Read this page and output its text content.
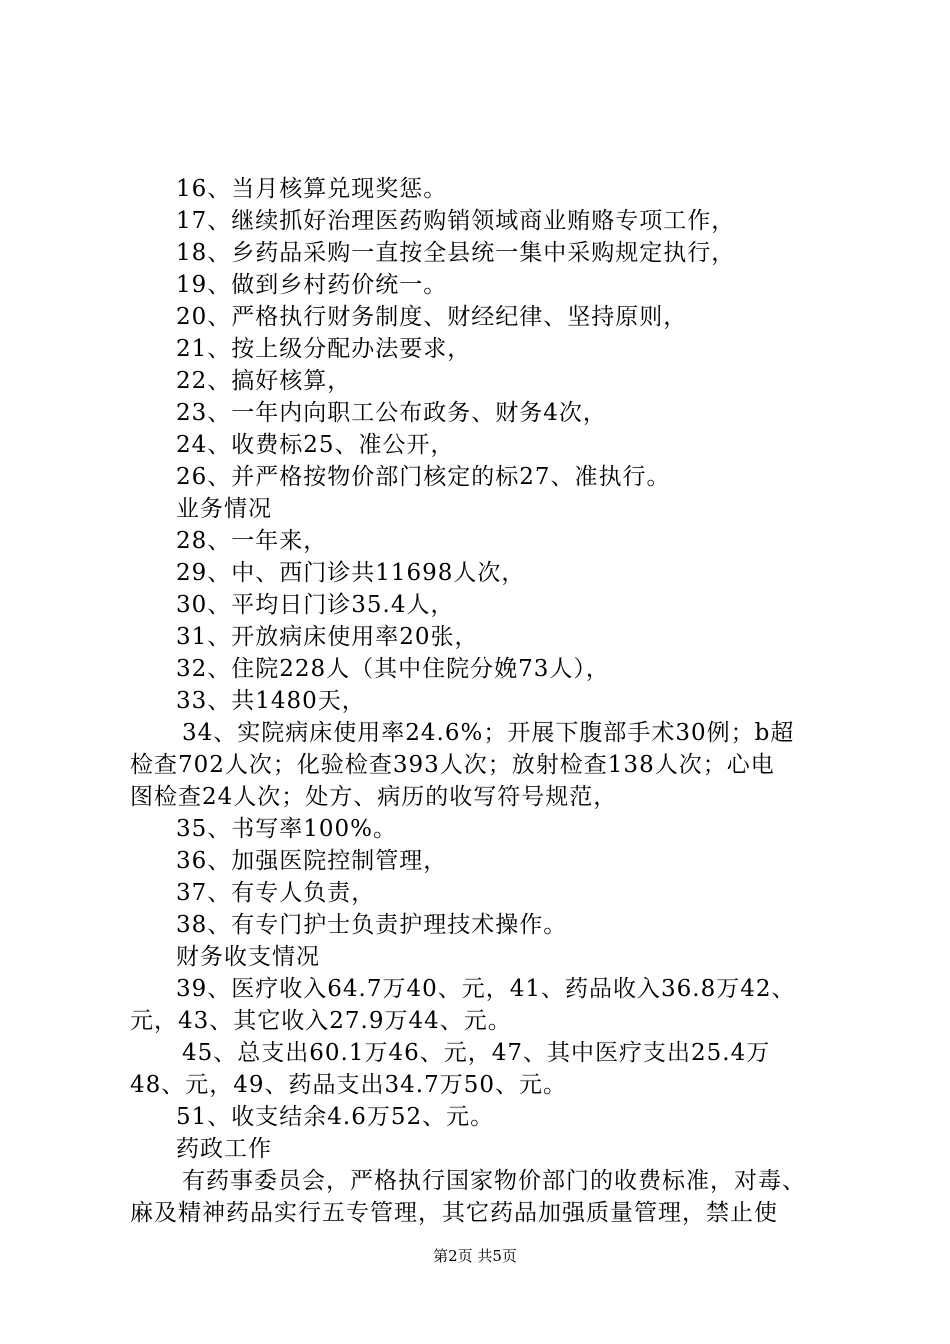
16、当月核算兑现奖惩。
17、继续抓好治理医药购销领域商业贿赂专项工作，
18、乡药品采购一直按全县统一集中采购规定执行，
19、做到乡村药价统一。
20、严格执行财务制度、财经纪律、坚持原则，
21、按上级分配办法要求，
22、搞好核算，
23、一年内向职工公布政务、财务4次，
24、收费标25、准公开，
26、并严格按物价部门核定的标27、准执行。
业务情况
28、一年来，
29、中、西门诊共11698人次，
30、平均日门诊35.4人，
31、开放病床使用率20张，
32、住院228人（其中住院分娩73人），
33、共1480天，
34、实院病床使用率24.6%；开展下腹部手术30例；b超
检查702人次；化验检查393人次；放射检查138人次；心电
图检查24人次；处方、病历的收写符号规范，
35、书写率100%。
36、加强医院控制管理，
37、有专人负责，
38、有专门护士负责护理技术操作。
财务收支情况
39、医疗收入64.7万40、元，41、药品收入36.8万42、
元，43、其它收入27.9万44、元。
45、总支出60.1万46、元，47、其中医疗支出25.4万
48、元，49、药品支出34.7万50、元。
51、收支结余4.6万52、元。
药政工作
有药事委员会，严格执行国家物价部门的收费标准，对毒、
麻及精神药品实行五专管理，其它药品加强质量管理，禁止使
第2页 共5页
